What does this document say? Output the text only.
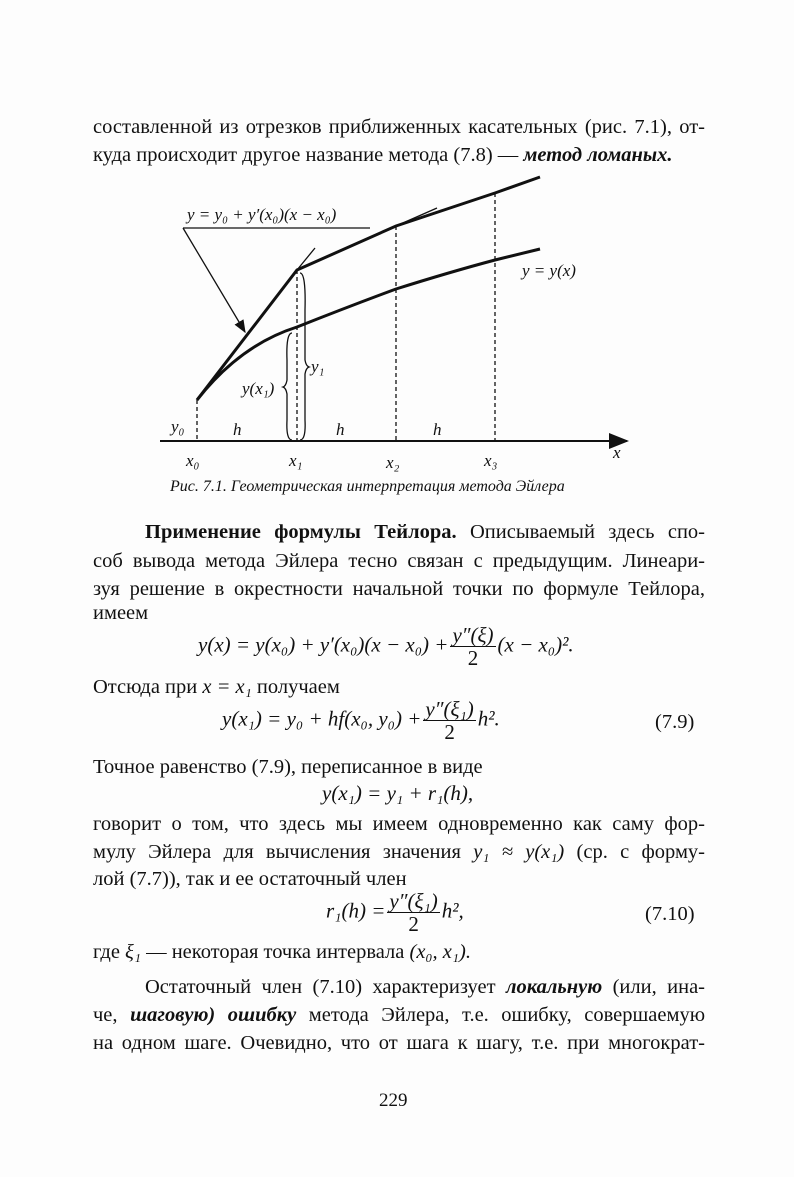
составленной из отрезков приближенных касательных (рис. 7.1), от-
куда происходит другое название метода (7.8) — метод ломаных.
y = y₀ + y′(x₀)(x − x₀)
y = y(x)
y₀
y₁
y(x₁)
h	h	h
x₀	x₁	x₂	x₃	x
Рис. 7.1. Геометрическая интерпретация метода Эйлера
Применение формулы Тейлора. Описываемый здесь спо-
соб вывода метода Эйлера тесно связан с предыдущим. Линеари-
зуя решение в окрестности начальной точки по формуле Тейлора,
имеем
$y(x) = y(x_0) + y'(x_0)(x - x_0) + \frac{y''(\xi)}{2} (x - x_0)^2$.
Отсюда при x = x₁ получаем
y(x₁) = y₀ + hf(x₀, $y_0) + \frac{\text{y″(ξ₁)}}{2} h^2$.	(7.9)
Точное равенство (7.9), переписанное в виде
y(x₁) = y₁ + r₁(h),
говорит о том, что здесь мы имеем одновременно как саму фор-
мулу Эйлера для вычисления значения y₁ ≈ y(x₁) (ср. с форму-
лой (7.7)), так и ее остаточный член
$r_1(h) = \frac{\text{y″(ξ₁)}}{2} h^2$,	(7.10)
где ξ₁ — некоторая точка интервала (x₀, x₁).
Остаточный член (7.10) характеризует локальную (или, ина-
че, шаговую) ошибку метода Эйлера, т.е. ошибку, совершаемую
на одном шаге. Очевидно, что от шага к шагу, т.е. при многократ-
229
